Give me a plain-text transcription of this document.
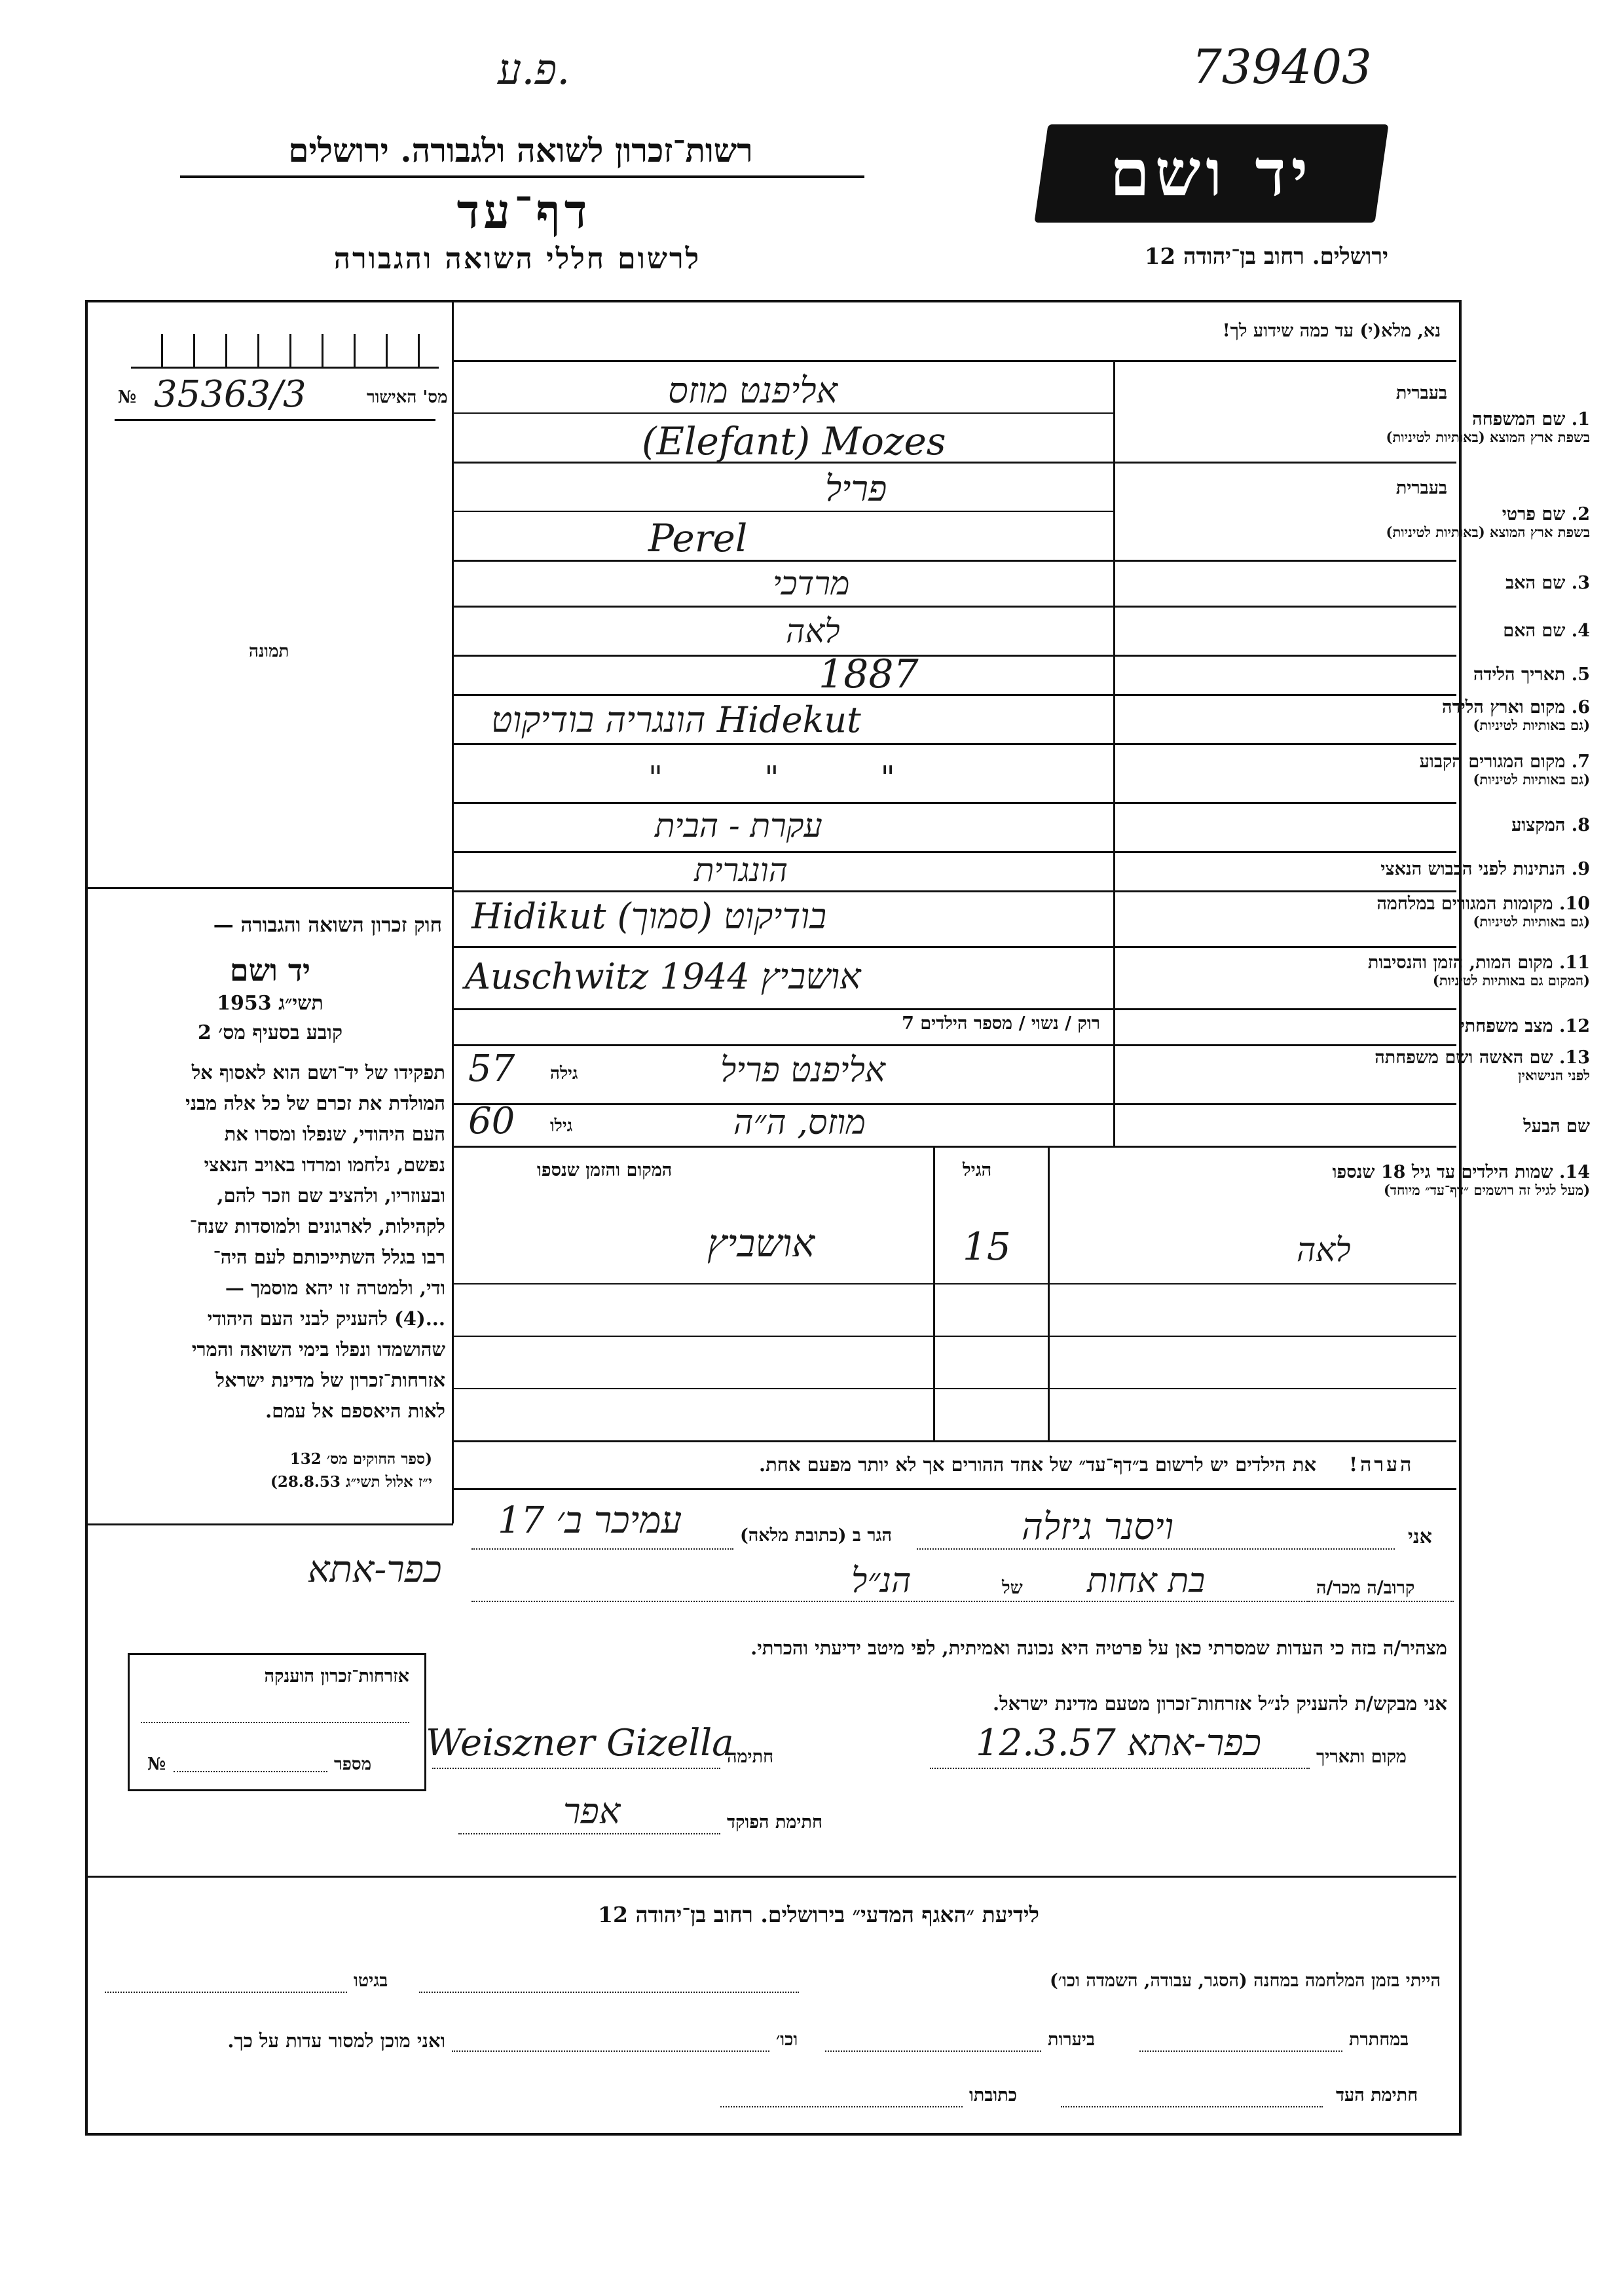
פ.ע.	739403
רשות־זכרון לשואה ולגבורה. ירושלים
דף־עד
לרשום חללי השואה והגבורה
יד ושם
ירושלים. רחוב בן־יהודה 12
מס' האישור
35363/3
№
תמונה
חוק זכרון השואה והגבורה —
יד ושם
תשי״ג 1953
קובע בסעיף מס׳ 2
תפקידו של יד־ושם הוא לאסוף אל
המולדת את זכרם של כל אלה מבני
העם היהודי, שנפלו ומסרו את
נפשם, נלחמו ומרדו באויב הנאצי
ובעוזריו, ולהציב שם וזכר להם,
לקהילות, לארגונים ולמוסדות שנח־
רבו בגלל השתייכותם לעם היה־
ודי, ולמטרה זו יהא מוסמך —
...(4) להעניק לבני העם היהודי
שהושמדו ונפלו בימי השואה והמרי
אזרחות־זכרון של מדינת ישראל
לאות היאספם אל עמם.
(ספר החוקים מס׳ 132
י״ז אלול תשי״ג 28.8.53)
נא, מלא(י) עד כמה שידוע לך!
בעברית
1. שם המשפחה
בשפת ארץ המוצא (באותיות לטיניות)
אליפנט מוזס
(Elefant) Mozes
בעברית
2. שם פרטי
בשפת ארץ המוצא (באותיות לטיניות)
פריל
Perel
3. שם האב
מרדכי
4. שם האם
לאה
5. תאריך הלידה
1887
6. מקום וארץ הלידה
(גם באותיות לטיניות)
הונגריה בודיקוט Hidekut
7. מקום המגורים הקבוע
(גם באותיות לטיניות)
" " "
8. המקצוע
עקרת - הבית
9. הנתינות לפני הכבוש הנאצי
הונגרית
10. מקומות המגורים במלחמה
(גם באותיות לטיניות)
Hidikut (סמוך) בודיקוט
11. מקום המות, הזמן והנסיבות
(המקום גם באותיות לטיניות)
Auschwitz 1944 אושביץ
12. מצב משפחתי
רוק / נשוי / מספר הילדים 7
13. שם האשה ושם משפחתה
לפני הנישואין
אליפנט פריל
גילה
57
שם הבעל
מוזס, ה״ה
גילו
60
14. שמות הילדים עד גיל 18 שנספו
(מעל לגיל זה רושמים ״דף־עד״ מיוחד)
הגיל
המקום והזמן שנספו
לאה
15
אושביץ
הערה!
את הילדים יש לרשום ב״דף־עד״ של אחד ההורים אך לא יותר מפעם אחת.
אני
ויסנר גיזלה
הגר ב (כתובת מלאה)
עמיכר ב׳ 17
כפר-אתא	קרוב/ה מכר/ה
בת אחות
של
הנ״ל
מצהיר/ה בזה כי העדות שמסרתי כאן על פרטיה היא נכונה ואמיתית, לפי מיטב ידיעתי והכרתי.
אני מבקש/ת להעניק לנ״ל אזרחות־זכרון מטעם מדינת ישראל.
מקום ותאריך
כפר-אתא 12.3.57
חתימה
Weiszner Gizella
חתימת הפוקד
אפר
אזרחות־זכרון הוענקה
מספר
№
לידיעת ״האגף המדעי״ בירושלים. רחוב בן־יהודה 12
הייתי בזמן המלחמה במחנה (הסגר, עבודה, השמדה וכו׳)
בגיטו
במחתרת
ביערות
וכו׳
ואני מוכן למסור עדות על כך.
חתימת העד
כתובתו
